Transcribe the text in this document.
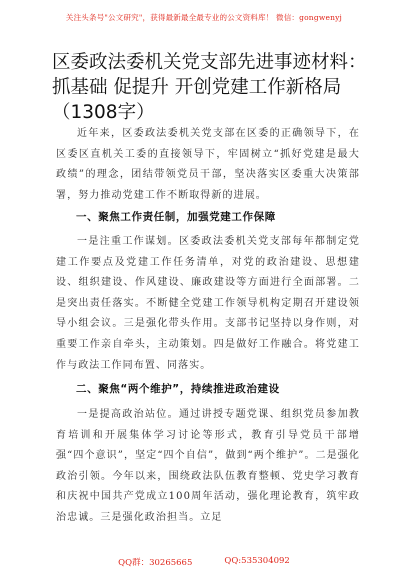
关注头条号"公文研究"，获得最新最全最专业的公文资料库！ 微信：gongwenyj
区委政法委机关党支部先进事迹材料：抓基础 促提升 开创党建工作新格局（1308字）

近年来，区委政法委机关党支部在区委的正确领导下，在区委区直机关工委的直接领导下，牢固树立“抓好党建是最大政绩”的理念，团结带领党员干部，坚决落实区委重大决策部署，努力推动党建工作不断取得新的进展。

一、聚焦工作责任制，加强党建工作保障

一是注重工作谋划。区委政法委机关党支部每年都制定党建工作要点及党建工作任务清单，对党的政治建设、思想建设、组织建设、作风建设、廉政建设等方面进行全面部署。二是突出责任落实。不断健全党建工作领导机构定期召开建设领导小组会议。三是强化带头作用。支部书记坚持以身作则，对重要工作亲自牵头，主动策划。四是做好工作融合。将党建工作与政法工作同布置、同落实。

二、聚焦“两个维护”，持续推进政治建设

一是提高政治站位。通过讲授专题党课、组织党员参加教育培训和开展集体学习讨论等形式，教育引导党员干部增强“四个意识”，坚定“四个自信”，做到“两个维护”。二是强化政治引领。今年以来，围绕政法队伍教育整顿、党史学习教育和庆祝中国共产党成立100周年活动，强化理论教育，筑牢政治忠诚。三是强化政治担当。立足

QQ群：30265665	QQ:535304092
